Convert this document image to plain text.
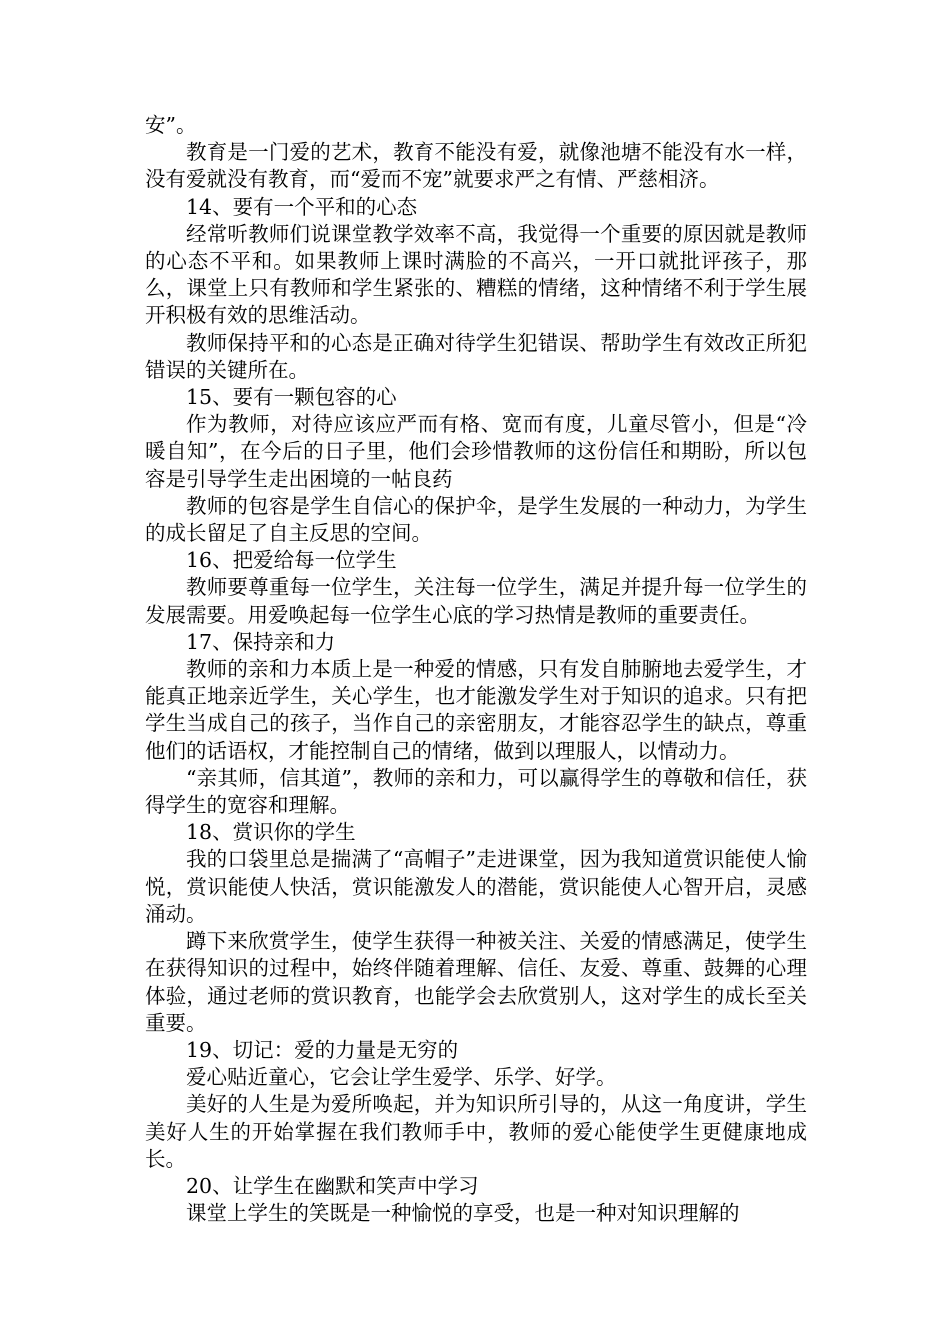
安”。

教育是一门爱的艺术，教育不能没有爱，就像池塘不能没有水一样，没有爱就没有教育，而“爱而不宠”就要求严之有情、严慈相济。

14、要有一个平和的心态

经常听教师们说课堂教学效率不高，我觉得一个重要的原因就是教师的心态不平和。如果教师上课时满脸的不高兴，一开口就批评孩子，那么，课堂上只有教师和学生紧张的、糟糕的情绪，这种情绪不利于学生展开积极有效的思维活动。

教师保持平和的心态是正确对待学生犯错误、帮助学生有效改正所犯错误的关键所在。

15、要有一颗包容的心

作为教师，对待应该应严而有格、宽而有度，儿童尽管小，但是“冷暖自知”，在今后的日子里，他们会珍惜教师的这份信任和期盼，所以包容是引导学生走出困境的一帖良药

教师的包容是学生自信心的保护伞，是学生发展的一种动力，为学生的成长留足了自主反思的空间。

16、把爱给每一位学生

教师要尊重每一位学生，关注每一位学生，满足并提升每一位学生的发展需要。用爱唤起每一位学生心底的学习热情是教师的重要责任。

17、保持亲和力

教师的亲和力本质上是一种爱的情感，只有发自肺腑地去爱学生，才能真正地亲近学生，关心学生，也才能激发学生对于知识的追求。只有把学生当成自己的孩子，当作自己的亲密朋友，才能容忍学生的缺点，尊重他们的话语权，才能控制自己的情绪，做到以理服人，以情动力。

“亲其师，信其道”，教师的亲和力，可以赢得学生的尊敬和信任，获得学生的宽容和理解。

18、赏识你的学生

我的口袋里总是揣满了“高帽子”走进课堂，因为我知道赏识能使人愉悦，赏识能使人快活，赏识能激发人的潜能，赏识能使人心智开启，灵感涌动。

蹲下来欣赏学生，使学生获得一种被关注、关爱的情感满足，使学生在获得知识的过程中，始终伴随着理解、信任、友爱、尊重、鼓舞的心理体验，通过老师的赏识教育，也能学会去欣赏别人，这对学生的成长至关重要。

19、切记：爱的力量是无穷的

爱心贴近童心，它会让学生爱学、乐学、好学。

美好的人生是为爱所唤起，并为知识所引导的，从这一角度讲，学生美好人生的开始掌握在我们教师手中，教师的爱心能使学生更健康地成长。

20、让学生在幽默和笑声中学习

课堂上学生的笑既是一种愉悦的享受，也是一种对知识理解的
